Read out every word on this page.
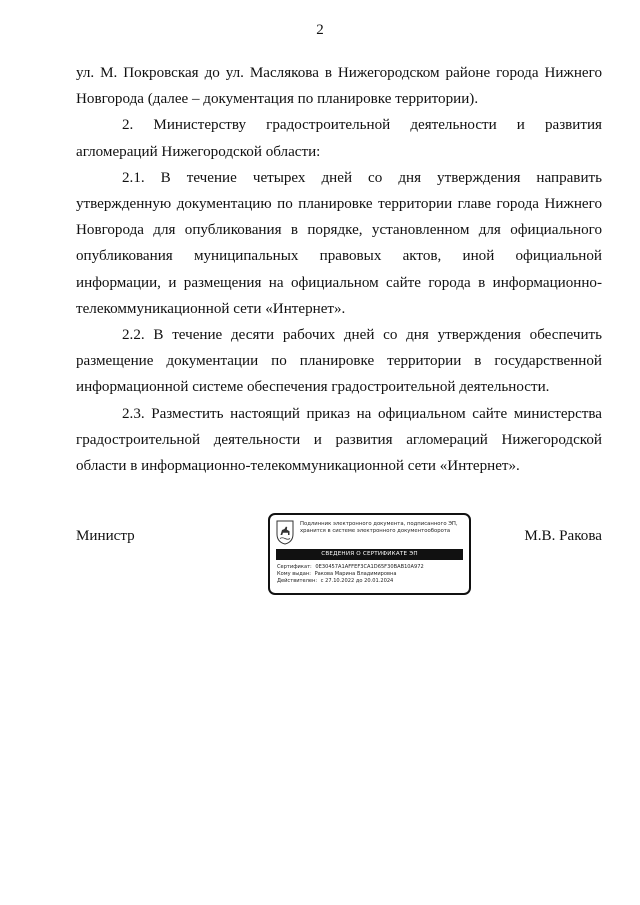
2

ул. М. Покровская до ул. Маслякова в Нижегородском районе города Нижнего Новгорода (далее – документация по планировке территории).

2. Министерству градостроительной деятельности и развития агломераций Нижегородской области:

2.1. В течение четырех дней со дня утверждения направить утвержденную документацию по планировке территории главе города Нижнего Новгорода для опубликования в порядке, установленном для официального опубликования муниципальных правовых актов, иной официальной информации, и размещения на официальном сайте города в информационно-телекоммуникационной сети «Интернет».

2.2. В течение десяти рабочих дней со дня утверждения обеспечить размещение документации по планировке территории в государственной информационной системе обеспечения градостроительной деятельности.

2.3. Разместить настоящий приказ на официальном сайте министерства градостроительной деятельности и развития агломераций Нижегородской области в информационно-телекоммуникационной сети «Интернет».

Министр	М.В. Ракова
Подлинник электронного документа, подписанного ЭП,
хранится в системе электронного документооборота
СВЕДЕНИЯ О СЕРТИФИКАТЕ ЭП
Сертификат: 0E30457A1AFFEF3CA1D65F30BAB10A972
Кому выдан: Ракова Марина Владимировна
Действителен: с 27.10.2022 до 20.01.2024
